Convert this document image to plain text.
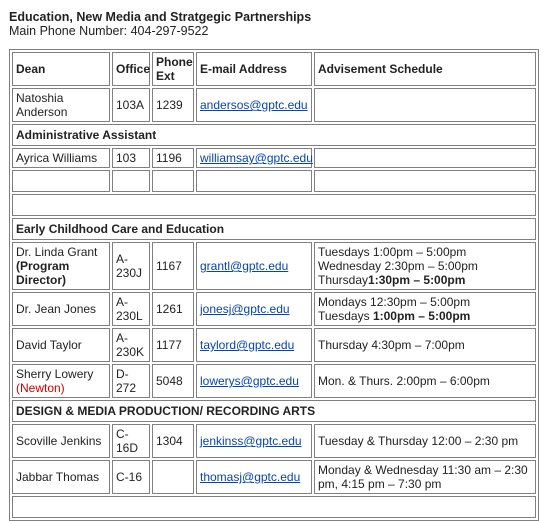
Education, New Media and Stratgegic Partnerships
Main Phone Number: 404-297-9522
Dean	Office	Phone Ext	E-mail Address	Advisement Schedule
Natoshia Anderson	103A	1239	andersos@gptc.edu	
Administrative Assistant				
Ayrica Williams	103	1196	williamsay@gptc.edu	

Early Childhood Care and Education				
Dr. Linda Grant
(Program Director)	A-230J	1167	grantl@gptc.edu	Tuesdays 1:00pm – 5:00pm
Wednesday 2:30pm – 5:00pm
Thursday1:30pm – 5:00pm
Dr. Jean Jones	A-230L	1261	jonesj@gptc.edu	Mondays 12:30pm – 5:00pm
Tuesdays 1:00pm – 5:00pm
David Taylor	A-230K	1177	taylord@gptc.edu	Thursday 4:30pm – 7:00pm
Sherry Lowery
(Newton)	D-272	5048	lowerys@gptc.edu	Mon. & Thurs. 2:00pm – 6:00pm
DESIGN & MEDIA PRODUCTION/ RECORDING ARTS				
Scoville Jenkins	C-16D	1304	jenkinss@gptc.edu	Tuesday & Thursday 12:00 – 2:30 pm
Jabbar Thomas	C-16		thomasj@gptc.edu	Monday & Wednesday 11:30 am – 2:30 pm, 4:15 pm – 7:30 pm
